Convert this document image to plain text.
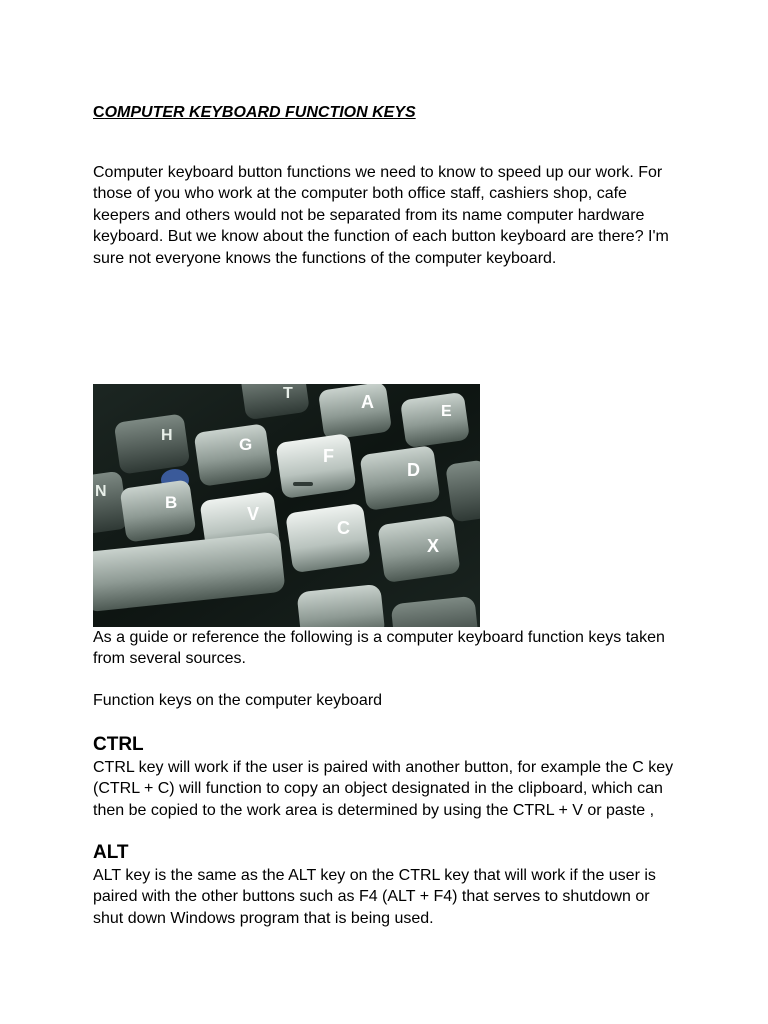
COMPUTER KEYBOARD FUNCTION KEYS
Computer keyboard button functions we need to know to speed up our work. For those of you who work at the computer both office staff, cashiers shop, cafe keepers and others would not be separated from its name computer hardware keyboard. But we know about the function of each button keyboard are there? I'm sure not everyone knows the functions of the computer keyboard.
T	A	E
H	G
F
D
N
B
V
C
X
As a guide or reference the following is a computer keyboard function keys taken from several sources.
Function keys on the computer keyboard
CTRL
CTRL key will work if the user is paired with another button, for example the C key (CTRL + C) will function to copy an object designated in the clipboard, which can then be copied to the work area is determined by using the CTRL + V or paste ,
ALT
ALT key is the same as the ALT key on the CTRL key that will work if the user is paired with the other buttons such as F4 (ALT + F4) that serves to shutdown or shut down Windows program that is being used.
